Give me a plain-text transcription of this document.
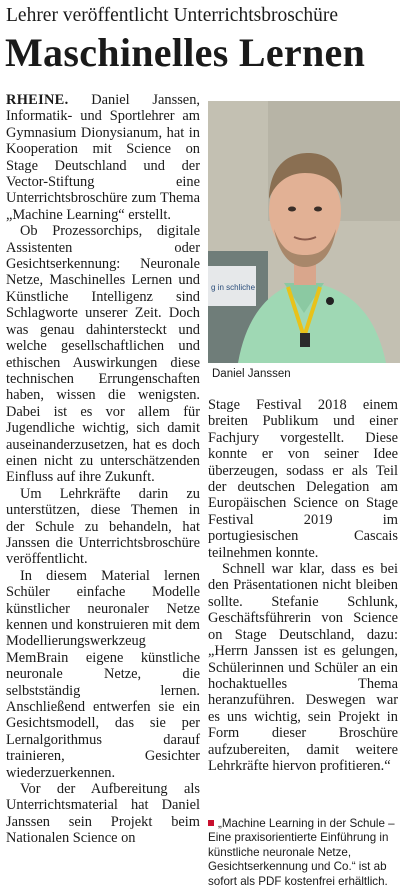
Lehrer veröffentlicht Unterrichtsbroschüre
Maschinelles Lernen

RHEINE. Daniel Janssen, Informatik- und Sportlehrer am Gymnasium Dionysianum, hat in Kooperation mit Science on Stage Deutschland und der Vector-Stiftung eine Unterrichtsbroschüre zum Thema „Machine Learning“ erstellt.

Ob Prozessorchips, digitale Assistenten oder Gesichtserkennung: Neuronale Netze, Maschinelles Lernen und Künstliche Intelligenz sind Schlagworte unserer Zeit. Doch was genau dahintersteckt und welche gesellschaftlichen und ethischen Auswirkungen diese technischen Errungenschaften haben, wissen die wenigsten. Dabei ist es vor allem für Jugendliche wichtig, sich damit auseinanderzusetzen, hat es doch einen nicht zu unterschätzenden Einfluss auf ihre Zukunft.

Um Lehrkräfte darin zu unterstützen, diese Themen in der Schule zu behandeln, hat Janssen die Unterrichtsbroschüre veröffentlicht.

In diesem Material lernen Schüler einfache Modelle künstlicher neuronaler Netze kennen und konstruieren mit dem Modellierungswerkzeug MemBrain eigene künstliche neuronale Netze, die selbstständig lernen. Anschließend entwerfen sie ein Gesichtsmodell, das sie per Lernalgorithmus darauf trainieren, Gesichter wiederzuerkennen.

Vor der Aufbereitung als Unterrichtsmaterial hat Daniel Janssen sein Projekt beim Nationalen Science on

g in schliche
Daniel Janssen

Stage Festival 2018 einem breiten Publikum und einer Fachjury vorgestellt. Diese konnte er von seiner Idee überzeugen, sodass er als Teil der deutschen Delegation am Europäischen Science on Stage Festival 2019 im portugiesischen Cascais teilnehmen konnte.

Schnell war klar, dass es bei den Präsentationen nicht bleiben sollte. Stefanie Schlunk, Geschäftsführerin von Science on Stage Deutschland, dazu: „Herrn Janssen ist es gelungen, Schülerinnen und Schüler an ein hochaktuelles Thema heranzuführen. Deswegen war es uns wichtig, sein Projekt in Form dieser Broschüre aufzubereiten, damit weitere Lehrkräfte hiervon profitieren.“

„Machine Learning in der Schule – Eine praxisorientierte Einführung in künstliche neuronale Netze, Gesichtserkennung und Co.“ ist ab sofort als PDF kostenfrei erhältlich.
